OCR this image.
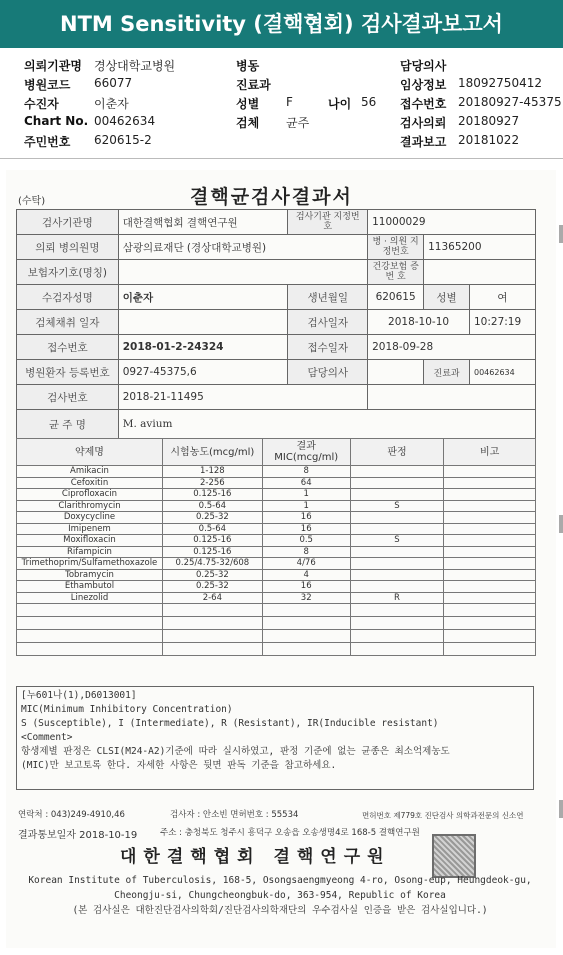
NTM Sensitivity (결핵협회) 검사결과보고서
의뢰기관명 경상대학교병원
병원코드 66077
수진자	이춘자
Chart No. 00462634
주민번호 620615-2
병동
진료과
성별 F	나이 56
검체 균주
담당의사
임상정보 18092750412
접수번호 20180927-45375
검사의뢰 20180927
결과보고 20181022
(수탁)	결핵균검사결과서
검사기관명	대한결핵협회 결핵연구원	검사기관 지정번호	11000029		
의뢰 병의원명	삼광의료재단 (경상대학교병원)		병 · 의원 지정번호	11365200	
보험자기호(명칭)			건강보험 증 번 호		
수검자성명	이춘자	생년월일	620615	성별	여
검체채취 일자		검사일자	2018-10-10		10:27:19
접수번호	2018-01-2-24324	접수일자	2018-09-28		
병원환자 등록번호	0927-45375,6	담당의사		진료과	00462634
검사번호	2018-21-11495				
균 주 명	M. avium				
약제명	시험농도(mcg/ml)	결과 MIC(mcg/ml)	판정	비고
Amikacin	1-128	8		
Cefoxitin	2-256	64		
Ciprofloxacin	0.125-16	1		
Clarithromycin	0.5-64	1	S	
Doxycycline	0.25-32	16		
Imipenem	0.5-64	16		
Moxifloxacin	0.125-16	0.5	S	
Rifampicin	0.125-16	8		
Trimethoprim/Sulfamethoxazole	0.25/4.75-32/608	4/76		
Tobramycin	0.25-32	4		
Ethambutol	0.25-32	16		
Linezolid	2-64	32	R	

[누601나(1),D6013001]
MIC(Minimum Inhibitory Concentration)
S (Susceptible), I (Intermediate), R (Resistant), IR(Inducible resistant)
<Comment>
항생제별 판정은 CLSI(M24-A2)기준에 따라 실시하였고, 판정 기준에 없는 균종은 최소억제농도
(MIC)만 보고토록 한다. 자세한 사항은 뒷면 판독 기준을 참고하세요.
연락처 : 043)249-4910,46	검사자 : 안소빈 면허번호 : 55534	면허번호 제779호 진단검사 의학과전문의 신소연
결과통보일자 2018-10-19	주소 : 충청북도 청주시 흥덕구 오송읍 오송생명4로 168-5 결핵연구원
대한결핵협회 결핵연구원
Korean Institute of Tuberculosis, 168-5, Osongsaengmyeong 4-ro, Osong-eup, Heungdeok-gu,
Cheongju-si, Chungcheongbuk-do, 363-954, Republic of Korea
(본 검사실은 대한진단검사의학회/진단검사의학재단의 우수검사실 인증을 받은 검사실입니다.)
